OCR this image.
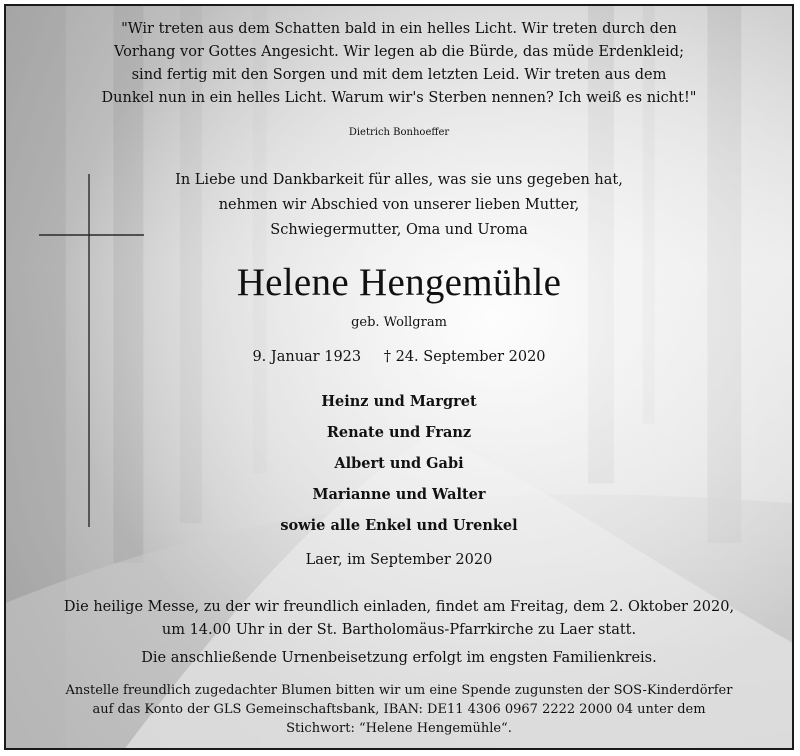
"Wir treten aus dem Schatten bald in ein helles Licht. Wir treten durch den
Vorhang vor Gottes Angesicht. Wir legen ab die Bürde, das müde Erdenkleid;
sind fertig mit den Sorgen und mit dem letzten Leid. Wir treten aus dem
Dunkel nun in ein helles Licht. Warum wir's Sterben nennen? Ich weiß es nicht!"
Dietrich Bonhoeffer
In Liebe und Dankbarkeit für alles, was sie uns gegeben hat,
nehmen wir Abschied von unserer lieben Mutter,
Schwiegermutter, Oma und Uroma
Helene Hengemühle
geb. Wollgram
9. Januar 1923 † 24. September 2020
Heinz und Margret
Renate und Franz
Albert und Gabi
Marianne und Walter
sowie alle Enkel und Urenkel
Laer, im September 2020
Die heilige Messe, zu der wir freundlich einladen, findet am Freitag, dem 2. Oktober 2020,
um 14.00 Uhr in der St. Bartholomäus-Pfarrkirche zu Laer statt.
Die anschließende Urnenbeisetzung erfolgt im engsten Familienkreis.
Anstelle freundlich zugedachter Blumen bitten wir um eine Spende zugunsten der SOS-Kinderdörfer
auf das Konto der GLS Gemeinschaftsbank, IBAN: DE11 4306 0967 2222 2000 04 unter dem
Stichwort: “Helene Hengemühle“.
